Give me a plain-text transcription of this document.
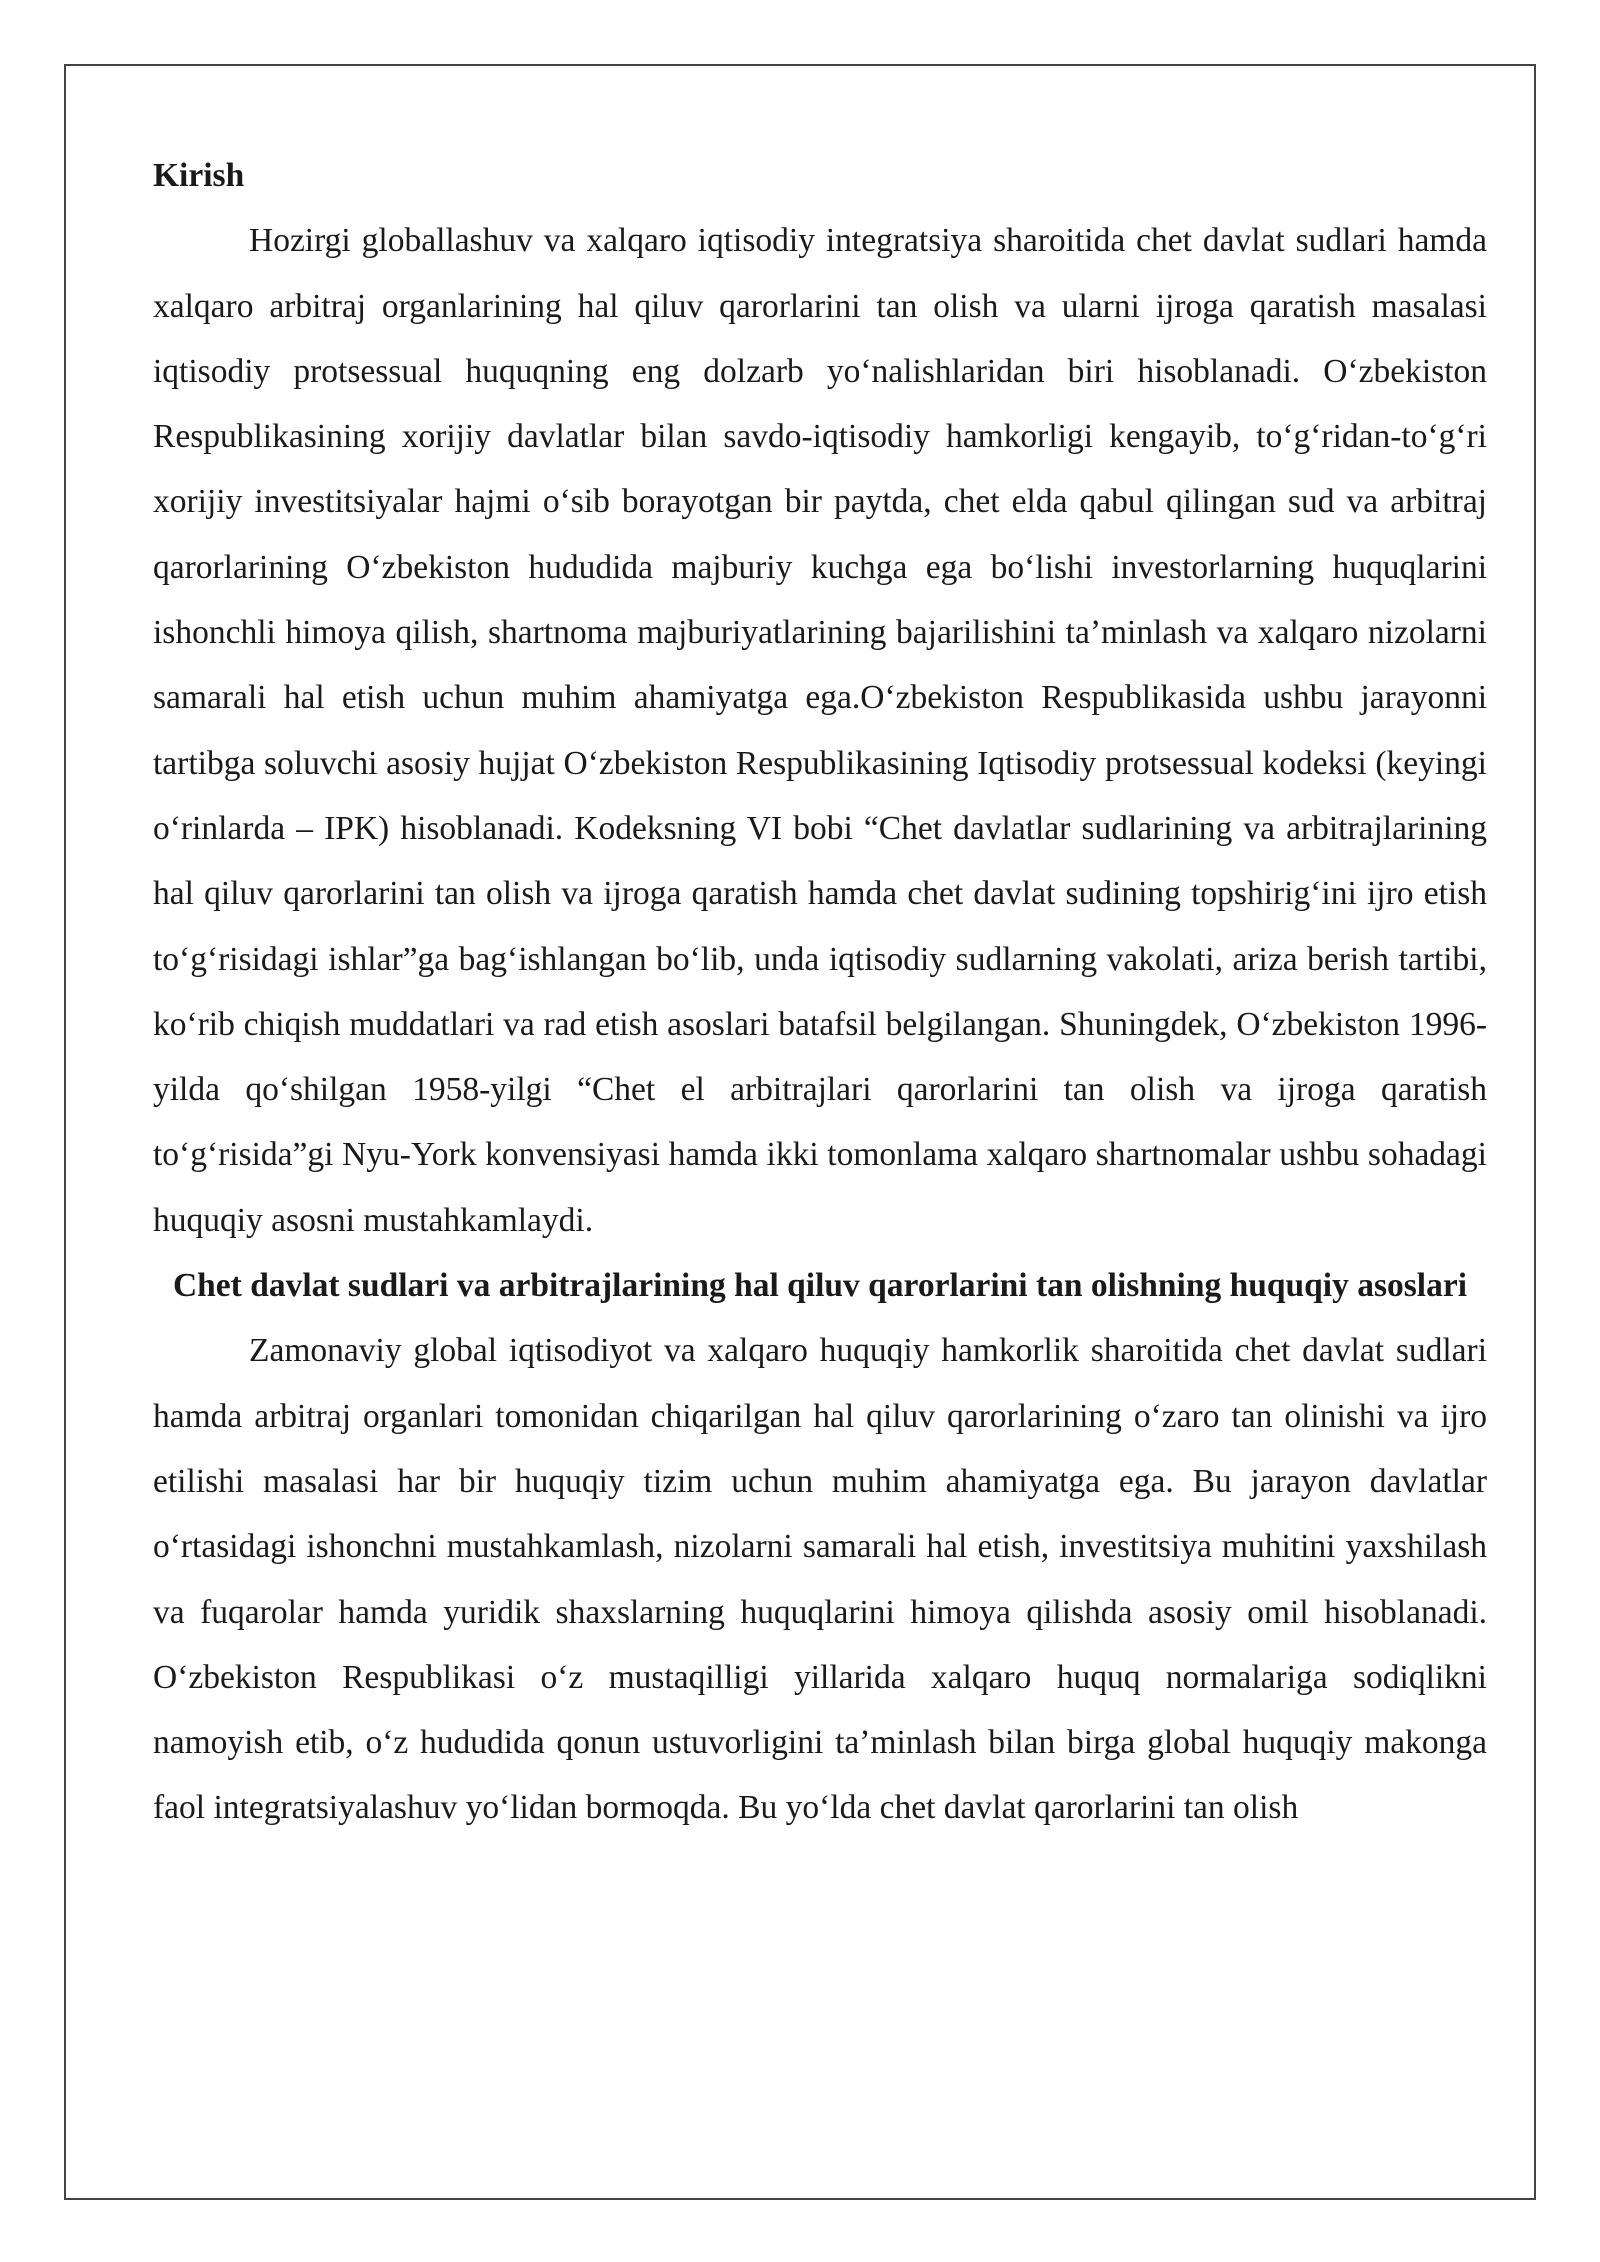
Kirish

Hozirgi globallashuv va xalqaro iqtisodiy integratsiya sharoitida chet davlat sudlari hamda xalqaro arbitraj organlarining hal qiluv qarorlarini tan olish va ularni ijroga qaratish masalasi iqtisodiy protsessual huquqning eng dolzarb yoʻnalishlaridan biri hisoblanadi. Oʻzbekiston Respublikasining xorijiy davlatlar bilan savdo-iqtisodiy hamkorligi kengayib, toʻgʻridan-toʻgʻri xorijiy investitsiyalar hajmi oʻsib borayotgan bir paytda, chet elda qabul qilingan sud va arbitraj qarorlarining Oʻzbekiston hududida majburiy kuchga ega boʻlishi investorlarning huquqlarini ishonchli himoya qilish, shartnoma majburiyatlarining bajarilishini taʼminlash va xalqaro nizolarni samarali hal etish uchun muhim ahamiyatga ega.Oʻzbekiston Respublikasida ushbu jarayonni tartibga soluvchi asosiy hujjat Oʻzbekiston Respublikasining Iqtisodiy protsessual kodeksi (keyingi oʻrinlarda – IPK) hisoblanadi. Kodeksning VI bobi “Chet davlatlar sudlarining va arbitrajlarining hal qiluv qarorlarini tan olish va ijroga qaratish hamda chet davlat sudining topshirigʻini ijro etish toʻgʻrisidagi ishlar”ga bagʻishlangan boʻlib, unda iqtisodiy sudlarning vakolati, ariza berish tartibi, koʻrib chiqish muddatlari va rad etish asoslari batafsil belgilangan. Shuningdek, Oʻzbekiston 1996-yilda qoʻshilgan 1958-yilgi “Chet el arbitrajlari qarorlarini tan olish va ijroga qaratish toʻgʻrisida”gi Nyu-York konvensiyasi hamda ikki tomonlama xalqaro shartnomalar ushbu sohadagi huquqiy asosni mustahkamlaydi.

Chet davlat sudlari va arbitrajlarining hal qiluv qarorlarini tan olishning huquqiy asoslari

Zamonaviy global iqtisodiyot va xalqaro huquqiy hamkorlik sharoitida chet davlat sudlari hamda arbitraj organlari tomonidan chiqarilgan hal qiluv qarorlarining oʻzaro tan olinishi va ijro etilishi masalasi har bir huquqiy tizim uchun muhim ahamiyatga ega. Bu jarayon davlatlar oʻrtasidagi ishonchni mustahkamlash, nizolarni samarali hal etish, investitsiya muhitini yaxshilash va fuqarolar hamda yuridik shaxslarning huquqlarini himoya qilishda asosiy omil hisoblanadi. Oʻzbekiston Respublikasi oʻz mustaqilligi yillarida xalqaro huquq normalariga sodiqlikni namoyish etib, oʻz hududida qonun ustuvorligini taʼminlash bilan birga global huquqiy makonga faol integratsiyalashuv yoʻlidan bormoqda. Bu yoʻlda chet davlat qarorlarini tan olish
